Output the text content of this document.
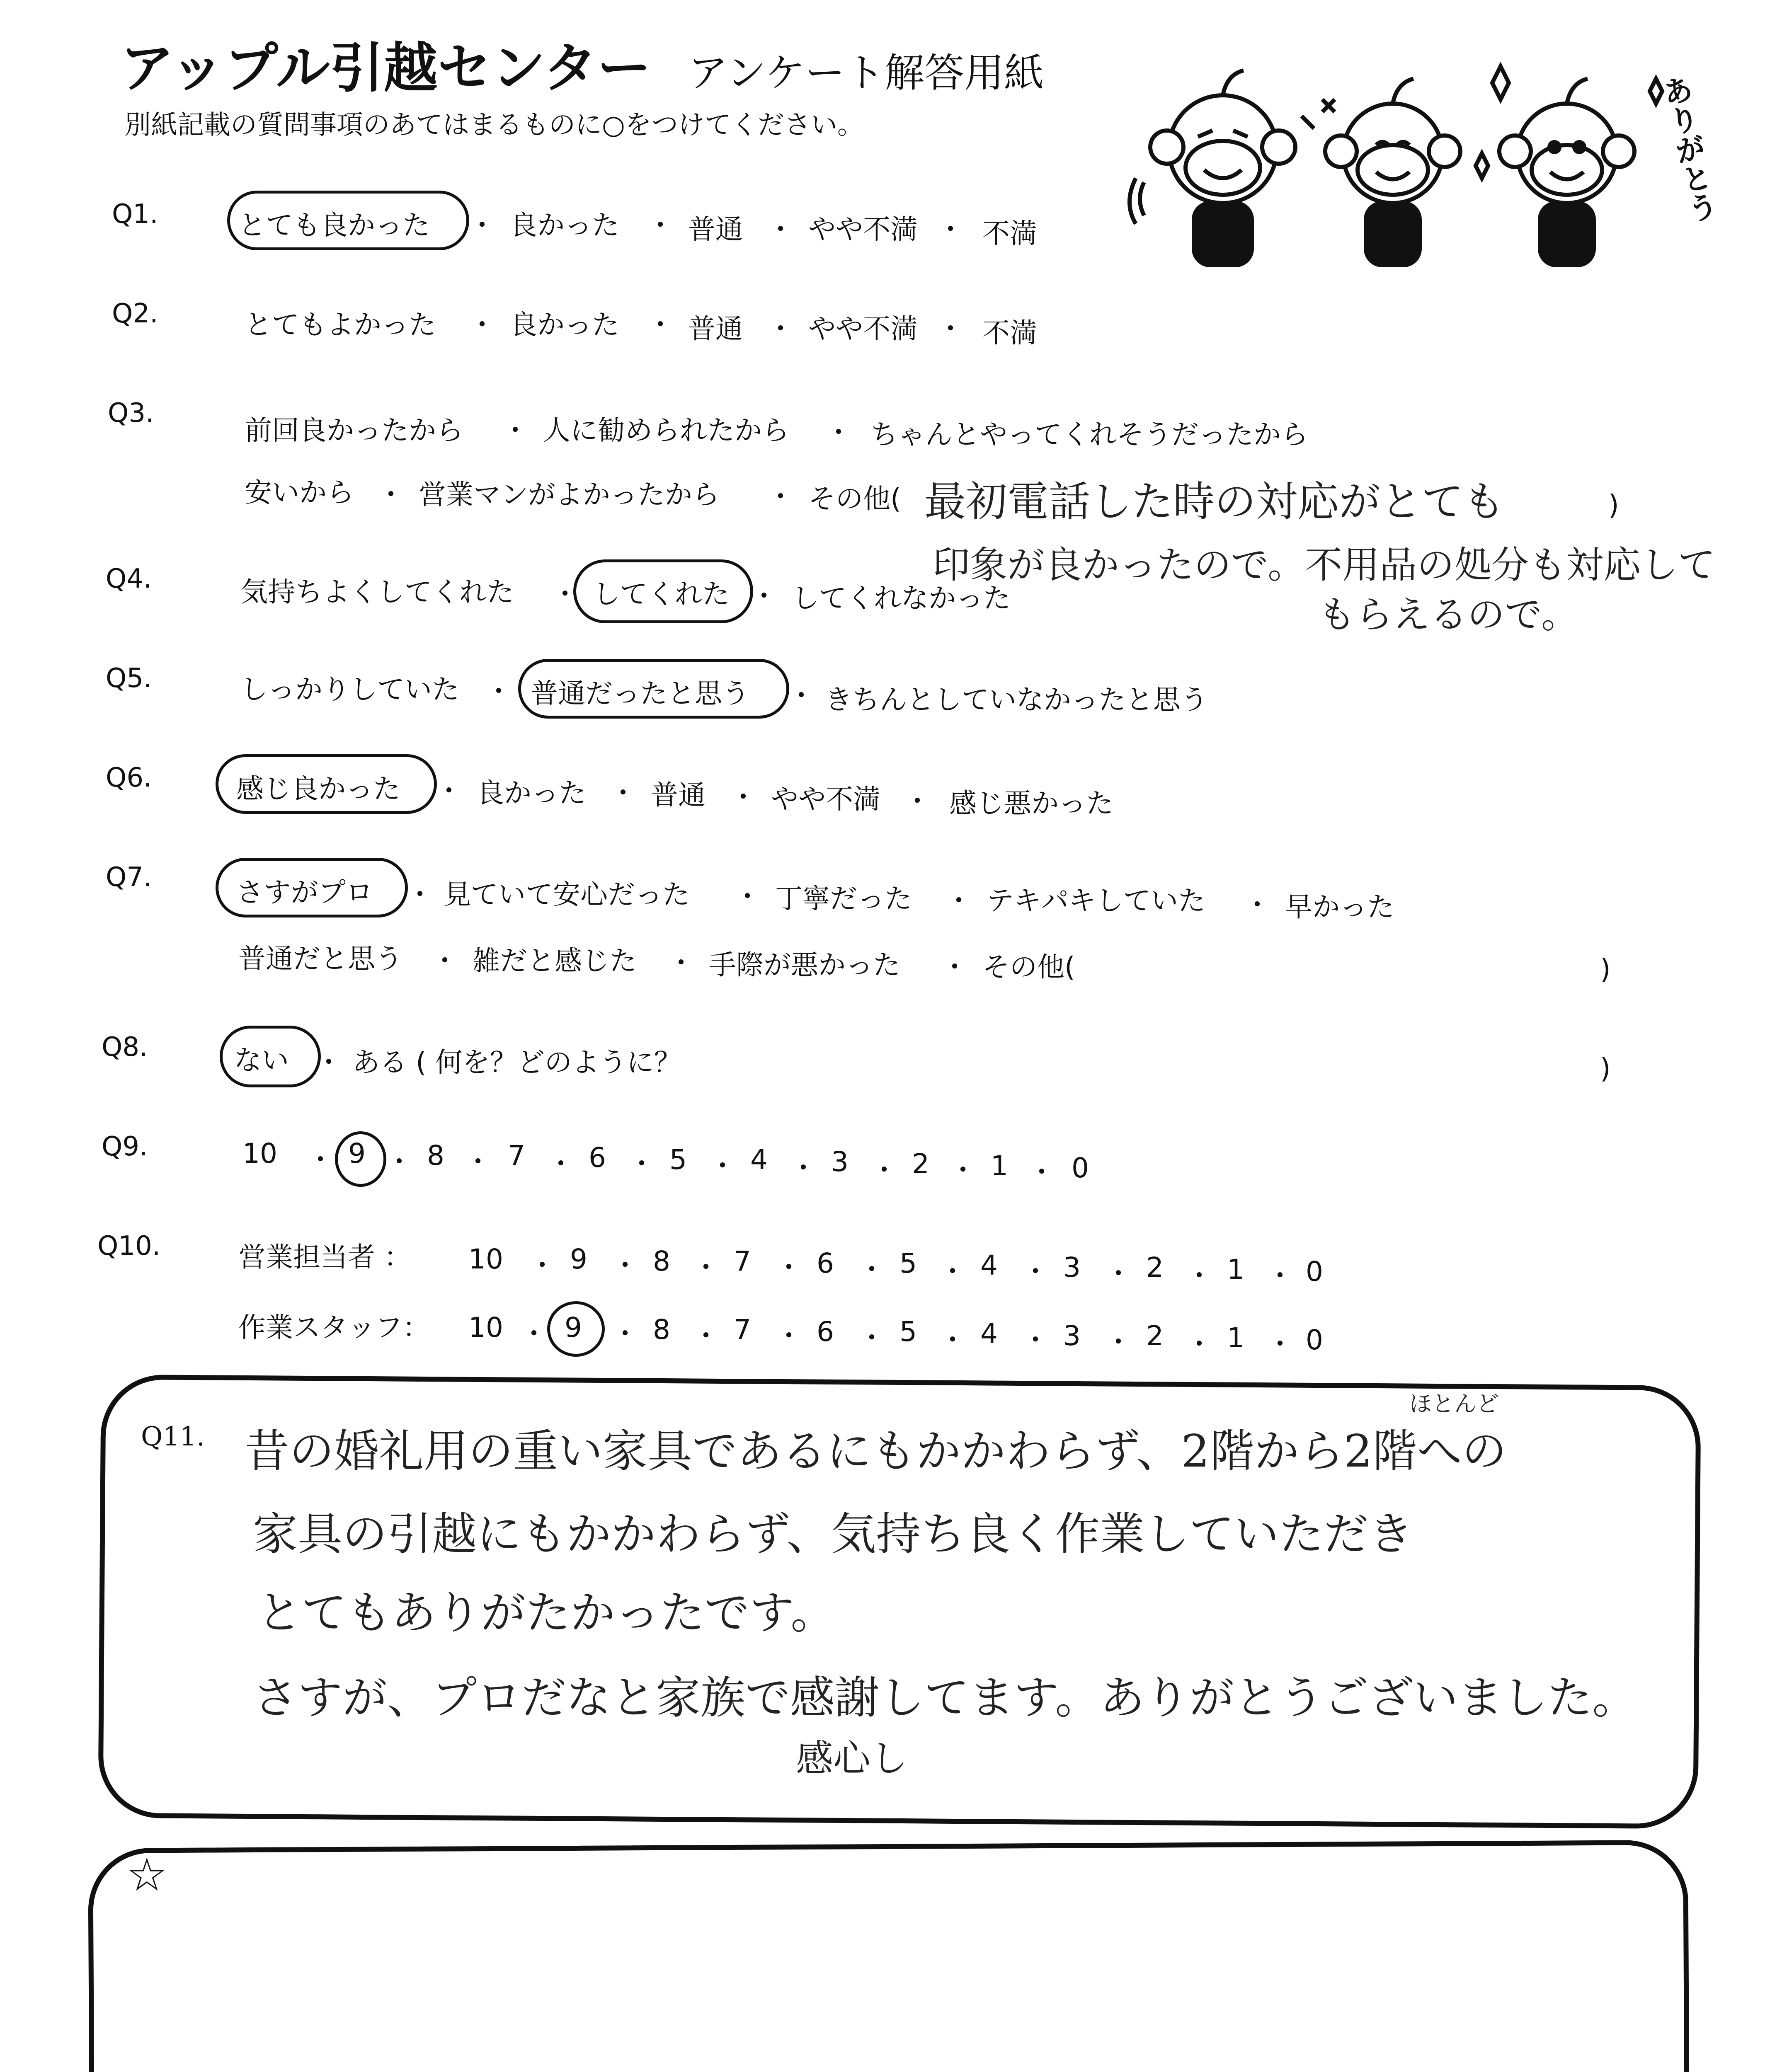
アップル引越センター アンケート解答用紙
別紙記載の質問事項のあてはまるものに○をつけてください。	ありがとう
Q1.	とても良かった ・ 良かった ・ 普通 ・ やや不満 ・ 不満
Q2.	とてもよかった ・ 良かった ・ 普通 ・ やや不満 ・ 不満
Q3.
前回良かったから ・ 人に勧められたから ・ ちゃんとやってくれそうだったから
安いから ・ 営業マンがよかったから ・ その他( 最初電話した時の対応がとても	)
印象が良かったので。不用品の処分も対応して
もらえるので。
Q4.	気持ちよくしてくれた ・ してくれた ・ してくれなかった
Q5.	しっかりしていた ・ 普通だったと思う ・ きちんとしていなかったと思う
Q6.	感じ良かった ・ 良かった ・ 普通 ・ やや不満 ・ 感じ悪かった
Q7.	さすがプロ ・ 見ていて安心だった ・ 丁寧だった ・ テキパキしていた ・ 早かった
普通だと思う ・ 雑だと感じた ・ 手際が悪かった ・ その他(	)
Q8.	ない ・ ある ( 何を？どのように？	)
Q9.	10 ・ 9 ・ 8 ・ 7 ・ 6 ・ 5 ・ 4 ・ 3 ・ 2 ・ 1 ・ 0
Q10.	営業担当者 ： 10 ・ 9 ・ 8 ・ 7 ・ 6 ・ 5 ・ 4 ・ 3 ・ 2 ・ 1 ・ 0
作業スタッフ： 10 ・ 9 ・ 8 ・ 7 ・ 6 ・ 5 ・ 4 ・ 3 ・ 2 ・ 1 ・ 0
Q11.
ほとんど
昔の婚礼用の重い家具であるにもかかわらず、2階から2階への
家具の引越にもかかわらず、気持ち良く作業していただき
とてもありがたかったです。
さすが、プロだなと家族で感謝してます。ありがとうございました。
感心し
☆
